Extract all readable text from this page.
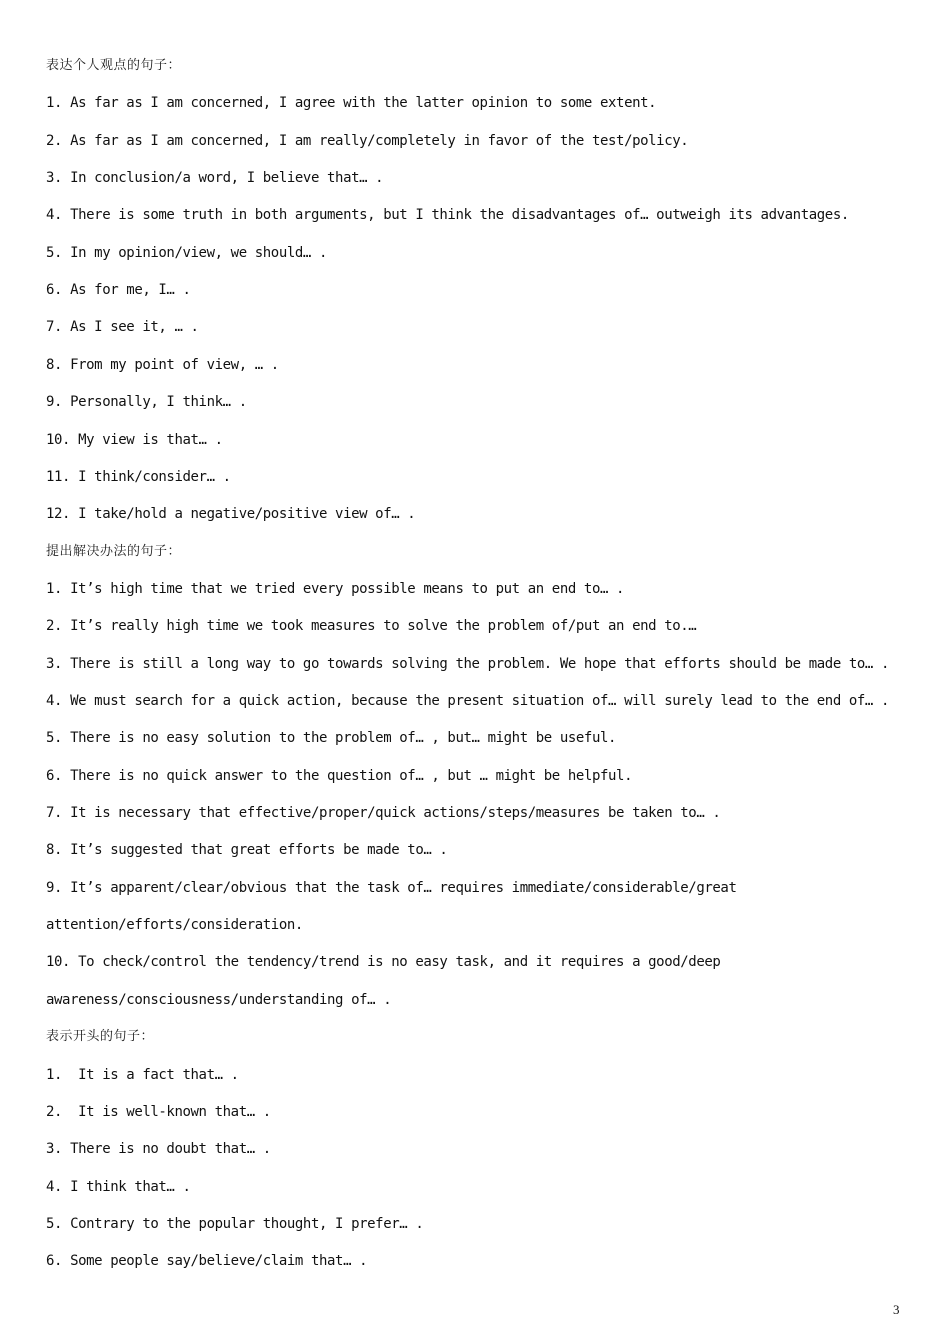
表达个人观点的句子：
1. As far as I am concerned, I agree with the latter opinion to some extent.
2. As far as I am concerned, I am really/completely in favor of the test/policy.
3. In conclusion/a word, I believe that… .
4. There is some truth in both arguments, but I think the disadvantages of… outweigh its advantages.
5. In my opinion/view, we should… .
6. As for me, I… .
7. As I see it, … .
8. From my point of view, … .
9. Personally, I think… .
10. My view is that… .
11. I think/consider… .
12. I take/hold a negative/positive view of… .
提出解决办法的句子：
1. It’s high time that we tried every possible means to put an end to… .
2. It’s really high time we took measures to solve the problem of/put an end to.…
3. There is still a long way to go towards solving the problem. We hope that efforts should be made to… .
4. We must search for a quick action, because the present situation of… will surely lead to the end of… .
5. There is no easy solution to the problem of… , but… might be useful.
6. There is no quick answer to the question of… , but … might be helpful.
7. It is necessary that effective/proper/quick actions/steps/measures be taken to… .
8. It’s suggested that great efforts be made to… .
9. It’s apparent/clear/obvious that the task of… requires immediate/considerable/great
attention/efforts/consideration.
10. To check/control the tendency/trend is no easy task, and it requires a good/deep
awareness/consciousness/understanding of… .
表示开头的句子：
1.  It is a fact that… .
2.  It is well-known that… .
3. There is no doubt that… .
4. I think that… .
5. Contrary to the popular thought, I prefer… .
6. Some people say/believe/claim that… .
3
